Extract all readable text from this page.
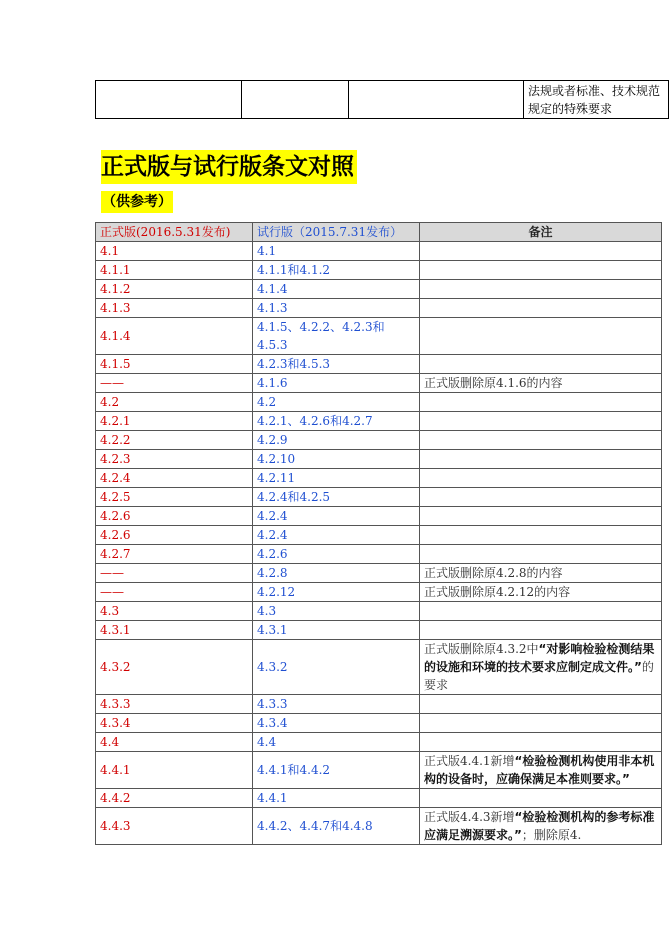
			法规或者标准、技术规范规定的特殊要求
正式版与试行版条文对照
（供参考）
正式版(2016.5.31发布)	试行版（2015.7.31发布）	备注
4.1	4.1	
4.1.1	4.1.1和4.1.2	
4.1.2	4.1.4	
4.1.3	4.1.3	
4.1.4	4.1.5、4.2.2、4.2.3和4.5.3	
4.1.5	4.2.3和4.5.3	
——	4.1.6	正式版删除原4.1.6的内容
4.2	4.2	
4.2.1	4.2.1、4.2.6和4.2.7	
4.2.2	4.2.9	
4.2.3	4.2.10	
4.2.4	4.2.11	
4.2.5	4.2.4和4.2.5	
4.2.6	4.2.4	
4.2.6	4.2.4	
4.2.7	4.2.6	
——	4.2.8	正式版删除原4.2.8的内容
——	4.2.12	正式版删除原4.2.12的内容
4.3	4.3	
4.3.1	4.3.1	
4.3.2	4.3.2	正式版删除原4.3.2中“对影响检验检测结果的设施和环境的技术要求应制定成文件。”的要求
4.3.3	4.3.3	
4.3.4	4.3.4	
4.4	4.4	
4.4.1	4.4.1和4.4.2	正式版4.4.1新增“检验检测机构使用非本机构的设备时，应确保满足本准则要求。”
4.4.2	4.4.1	
4.4.3	4.4.2、4.4.7和4.4.8	正式版4.4.3新增“检验检测机构的参考标准应满足溯源要求。”；删除原4.
